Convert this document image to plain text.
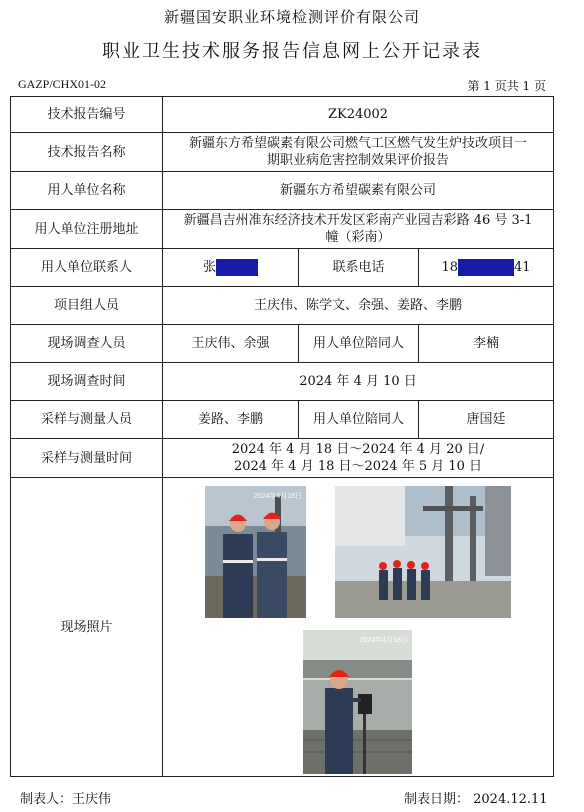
新疆国安职业环境检测评价有限公司
职业卫生技术服务报告信息网上公开记录表
GAZP/CHX01-02	第 1 页共 1 页
技术报告编号	ZK24002		
技术报告名称	新疆东方希望碳素有限公司燃气工区燃气发生炉技改项目一
期职业病危害控制效果评价报告		

用人单位名称	新疆东方希望碳素有限公司		
用人单位注册地址	新疆昌吉州准东经济技术开发区彩南产业园吉彩路 46 号 3-1
幢（彩南）		

用人单位联系人	张	联系电话	18 41
项目组人员	王庆伟、陈学文、余强、姜路、李鹏		
现场调查人员	王庆伟、余强	用人单位陪同人	李楠
现场调查时间	2024 年 4 月 10 日		
采样与测量人员	姜路、李鹏	用人单位陪同人	唐国廷
采样与测量时间	2024 年 4 月 18 日～2024 年 4 月 20 日/
2024 年 4 月 18 日～2024 年 5 月 10 日		

现场照片	2024年4月18日
2024年4月18日		
制表人：王庆伟	制表日期： 2024.12.11
